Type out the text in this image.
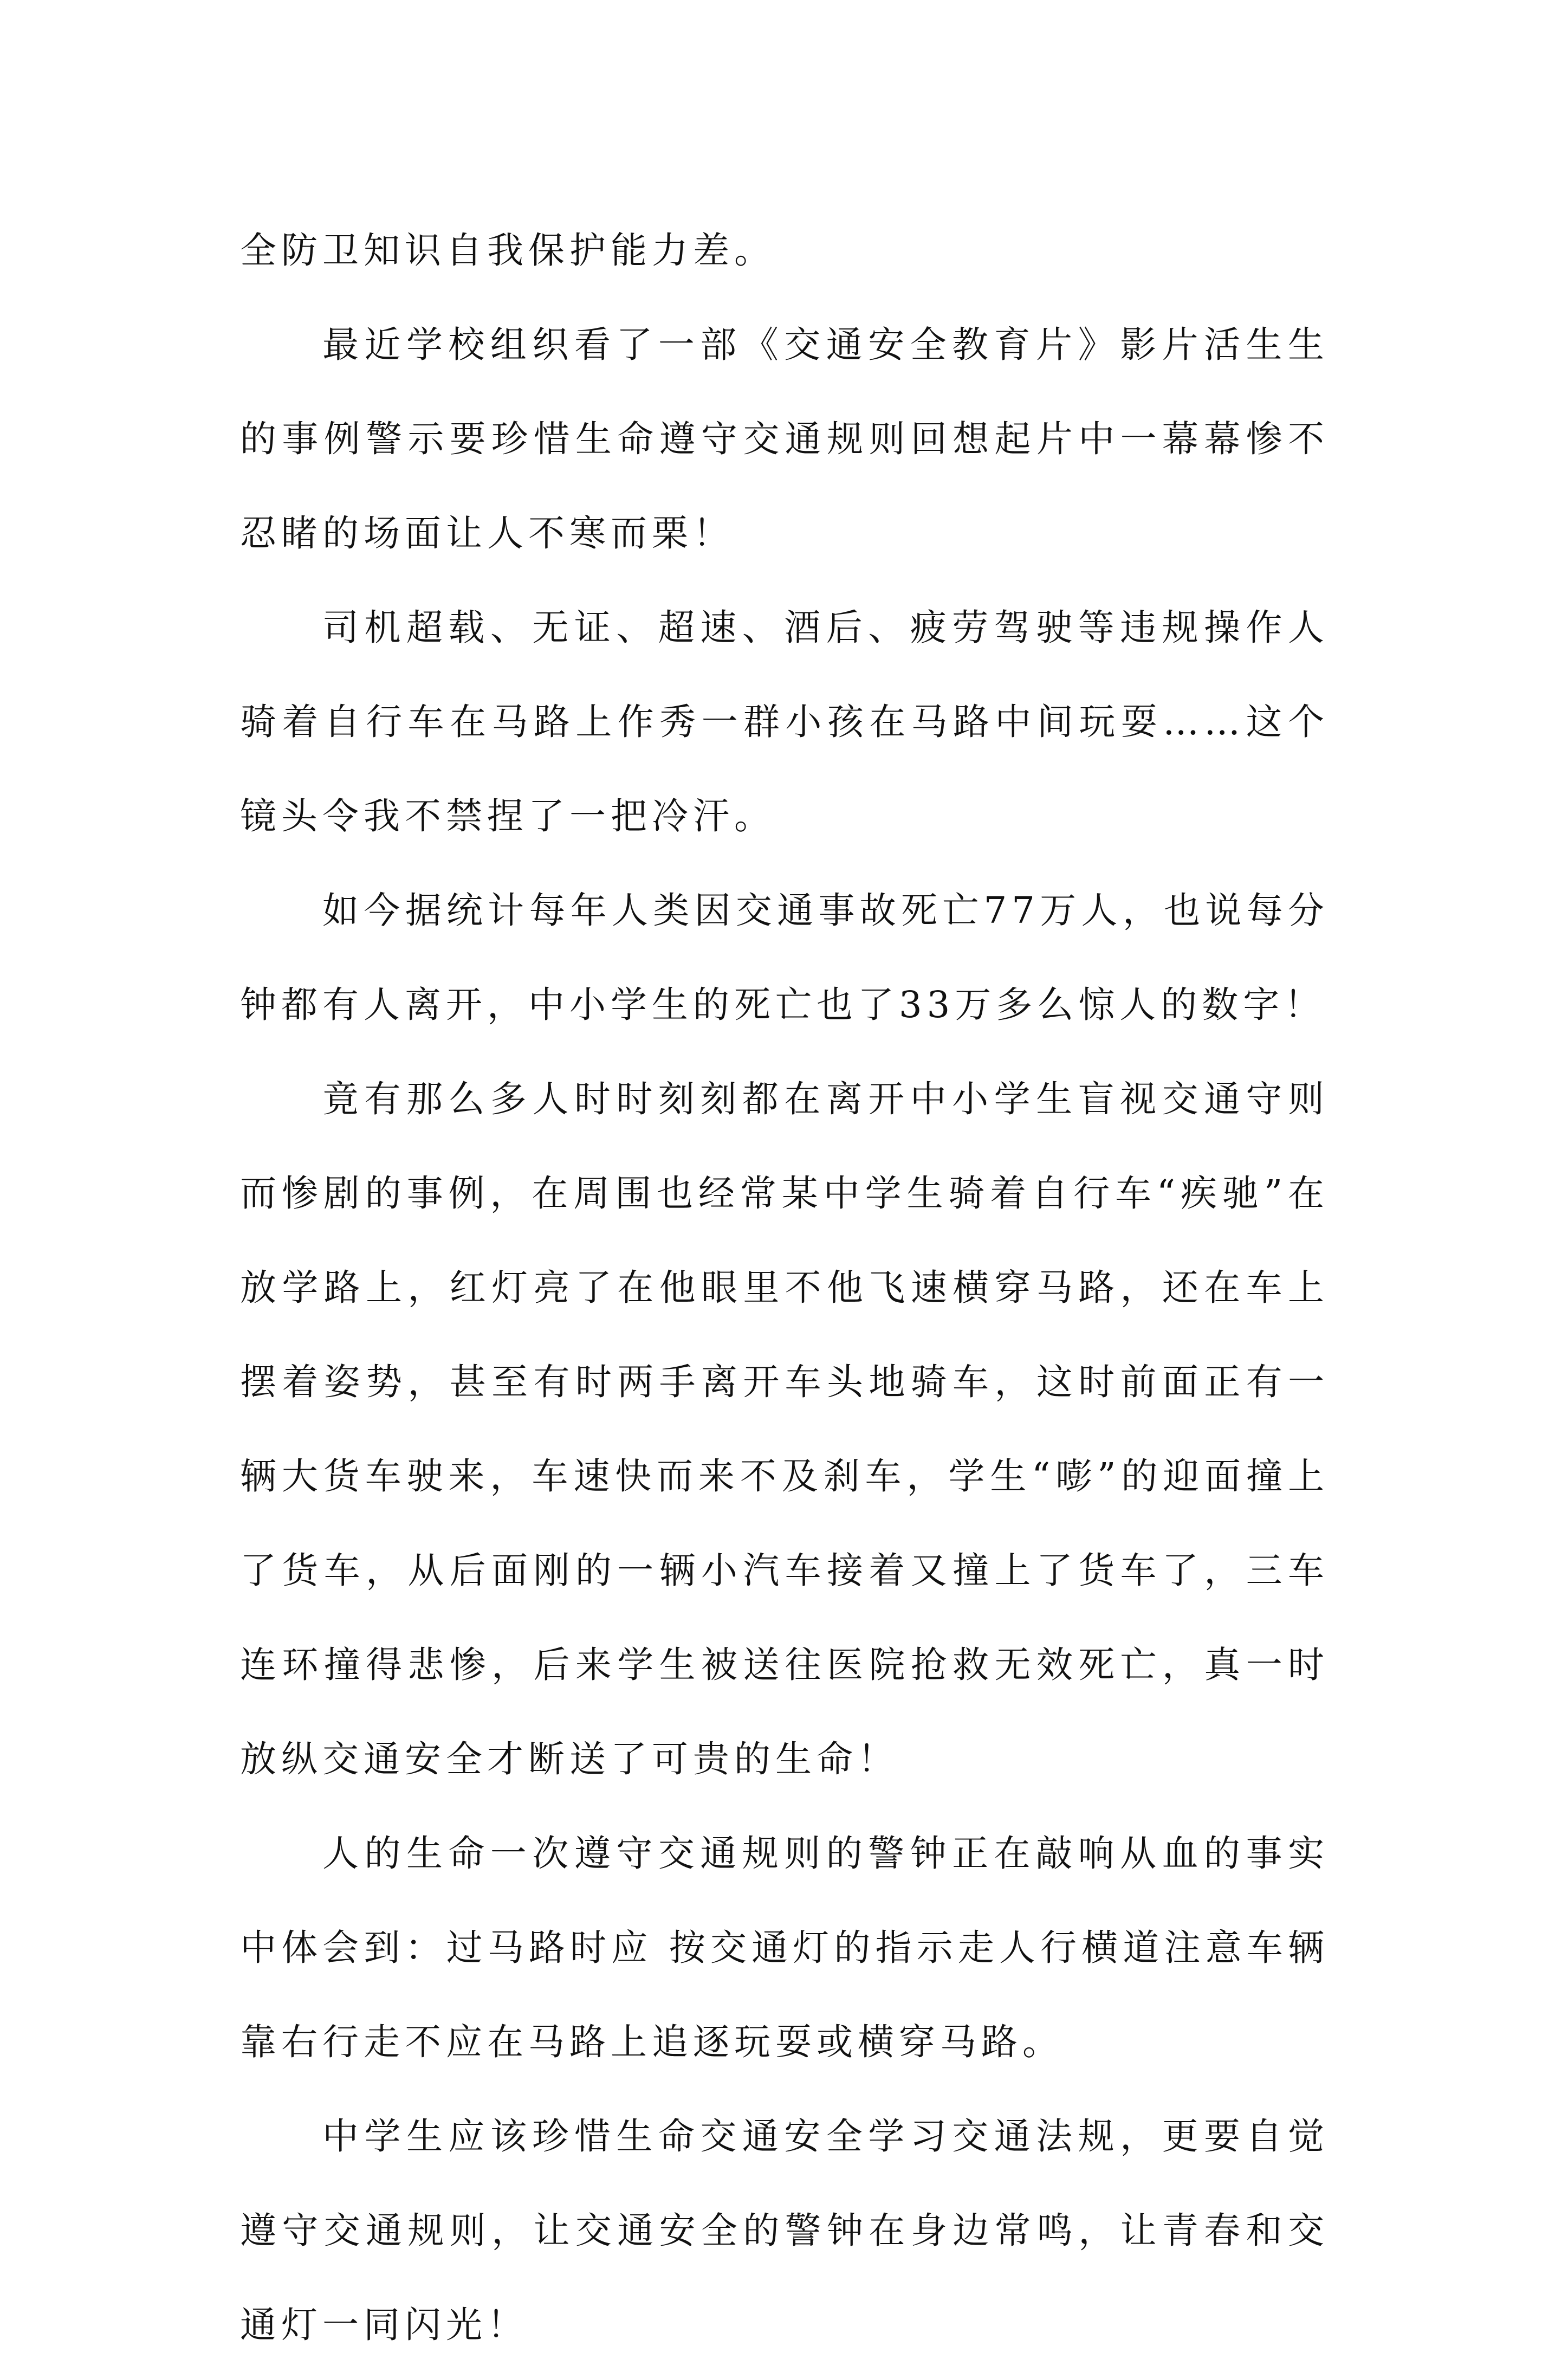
全防卫知识自我保护能力差。

最近学校组织看了一部《交通安全教育片》影片活生生的事例警示要珍惜生命遵守交通规则回想起片中一幕幕惨不忍睹的场面让人不寒而栗！

司机超载、无证、超速、酒后、疲劳驾驶等违规操作人骑着自行车在马路上作秀一群小孩在马路中间玩耍……这个镜头令我不禁捏了一把冷汗。

如今据统计每年人类因交通事故死亡77万人，也说每分钟都有人离开，中小学生的死亡也了33万多么惊人的数字！

竟有那么多人时时刻刻都在离开中小学生盲视交通守则而惨剧的事例，在周围也经常某中学生骑着自行车“疾驰”在放学路上，红灯亮了在他眼里不他飞速横穿马路，还在车上摆着姿势，甚至有时两手离开车头地骑车，这时前面正有一辆大货车驶来，车速快而来不及刹车，学生“嘭”的迎面撞上了货车，从后面刚的一辆小汽车接着又撞上了货车了，三车连环撞得悲惨，后来学生被送往医院抢救无效死亡，真一时放纵交通安全才断送了可贵的生命！

人的生命一次遵守交通规则的警钟正在敲响从血的事实中体会到：过马路时应 按交通灯的指示走人行横道注意车辆靠右行走不应在马路上追逐玩耍或横穿马路。

中学生应该珍惜生命交通安全学习交通法规，更要自觉遵守交通规则，让交通安全的警钟在身边常鸣，让青春和交通灯一同闪光！
